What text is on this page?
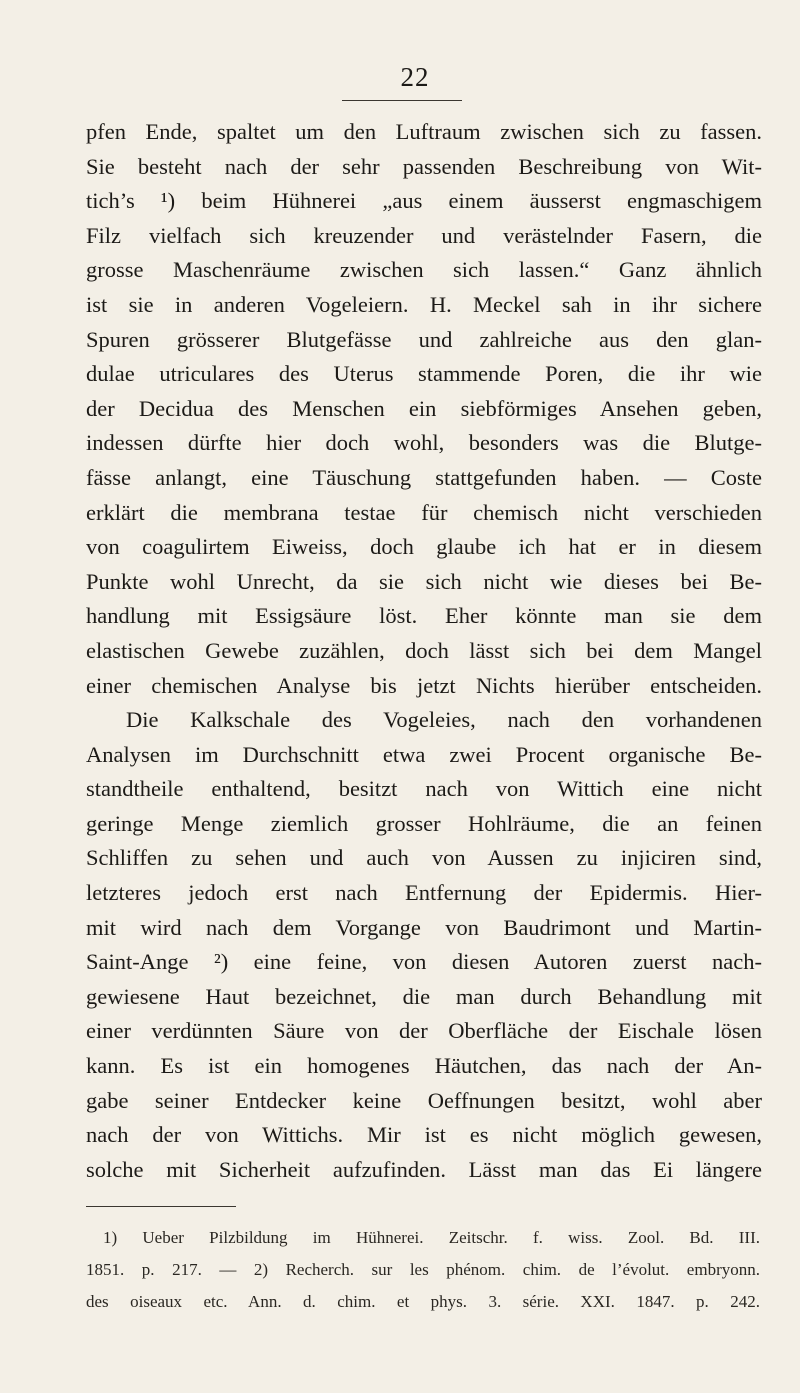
22

pfen Ende, spaltet um den Luftraum zwischen sich zu fassen.

Sie besteht nach der sehr passenden Beschreibung von Wit-

tich’s ¹) beim Hühnerei „aus einem äusserst engmaschigem

Filz vielfach sich kreuzender und verästelnder Fasern, die

grosse Maschenräume zwischen sich lassen.“ Ganz ähnlich

ist sie in anderen Vogeleiern. H. Meckel sah in ihr sichere

Spuren grösserer Blutgefässe und zahlreiche aus den glan-

dulae utriculares des Uterus stammende Poren, die ihr wie

der Decidua des Menschen ein siebförmiges Ansehen geben,

indessen dürfte hier doch wohl, besonders was die Blutge-

fässe anlangt, eine Täuschung stattgefunden haben. — Coste

erklärt die membrana testae für chemisch nicht verschieden

von coagulirtem Eiweiss, doch glaube ich hat er in diesem

Punkte wohl Unrecht, da sie sich nicht wie dieses bei Be-

handlung mit Essigsäure löst. Eher könnte man sie dem

elastischen Gewebe zuzählen, doch lässt sich bei dem Mangel

einer chemischen Analyse bis jetzt Nichts hierüber entscheiden.

Die Kalkschale des Vogeleies, nach den vorhandenen

Analysen im Durchschnitt etwa zwei Procent organische Be-

standtheile enthaltend, besitzt nach von Wittich eine nicht

geringe Menge ziemlich grosser Hohlräume, die an feinen

Schliffen zu sehen und auch von Aussen zu injiciren sind,

letzteres jedoch erst nach Entfernung der Epidermis. Hier-

mit wird nach dem Vorgange von Baudrimont und Martin-

Saint-Ange ²) eine feine, von diesen Autoren zuerst nach-

gewiesene Haut bezeichnet, die man durch Behandlung mit

einer verdünnten Säure von der Oberfläche der Eischale lösen

kann. Es ist ein homogenes Häutchen, das nach der An-

gabe seiner Entdecker keine Oeffnungen besitzt, wohl aber

nach der von Wittichs. Mir ist es nicht möglich gewesen,

solche mit Sicherheit aufzufinden. Lässt man das Ei längere

1) Ueber Pilzbildung im Hühnerei. Zeitschr. f. wiss. Zool. Bd. III.

1851. p. 217. — 2) Recherch. sur les phénom. chim. de l’évolut. embryonn.

des oiseaux etc. Ann. d. chim. et phys. 3. série. XXI. 1847. p. 242.
